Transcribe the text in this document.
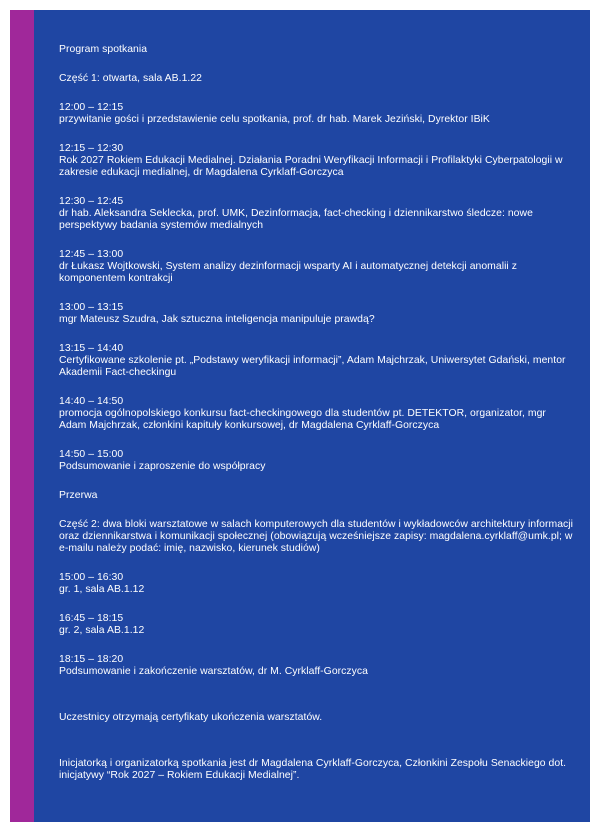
Program spotkania

Część 1: otwarta, sala AB.1.22

12:00 – 12:15
przywitanie gości i przedstawienie celu spotkania, prof. dr hab. Marek Jeziński, Dyrektor IBiK
12:15 – 12:30
Rok 2027 Rokiem Edukacji Medialnej. Działania Poradni Weryfikacji Informacji i Profilaktyki Cyberpatologii w zakresie edukacji medialnej, dr Magdalena Cyrklaff-Gorczyca
12:30 – 12:45
dr hab. Aleksandra Seklecka, prof. UMK, Dezinformacja, fact-checking i dziennikarstwo śledcze: nowe perspektywy badania systemów medialnych
12:45 – 13:00
dr Łukasz Wojtkowski, System analizy dezinformacji wsparty AI i automatycznej detekcji anomalii z komponentem kontrakcji
13:00 – 13:15
mgr Mateusz Szudra, Jak sztuczna inteligencja manipuluje prawdą?
13:15 – 14:40
Certyfikowane szkolenie pt. „Podstawy weryfikacji informacji”, Adam Majchrzak, Uniwersytet Gdański, mentor Akademii Fact-checkingu
14:40 – 14:50
promocja ogólnopolskiego konkursu fact-checkingowego dla studentów pt. DETEKTOR, organizator, mgr Adam Majchrzak, członkini kapituły konkursowej, dr Magdalena Cyrklaff-Gorczyca
14:50 – 15:00
Podsumowanie i zaproszenie do współpracy

Przerwa

Część 2: dwa bloki warsztatowe w salach komputerowych dla studentów i wykładowców architektury informacji oraz dziennikarstwa i komunikacji społecznej (obowiązują wcześniejsze zapisy: magdalena.cyrklaff@umk.pl; w e-mailu należy podać: imię, nazwisko, kierunek studiów)

15:00 – 16:30
gr. 1, sala AB.1.12
16:45 – 18:15
gr. 2, sala AB.1.12
18:15 – 18:20
Podsumowanie i zakończenie warsztatów, dr M. Cyrklaff-Gorczyca

Uczestnicy otrzymają certyfikaty ukończenia warsztatów.

Inicjatorką i organizatorką spotkania jest dr Magdalena Cyrklaff-Gorczyca, Członkini Zespołu Senackiego dot. inicjatywy “Rok 2027 – Rokiem Edukacji Medialnej”.
